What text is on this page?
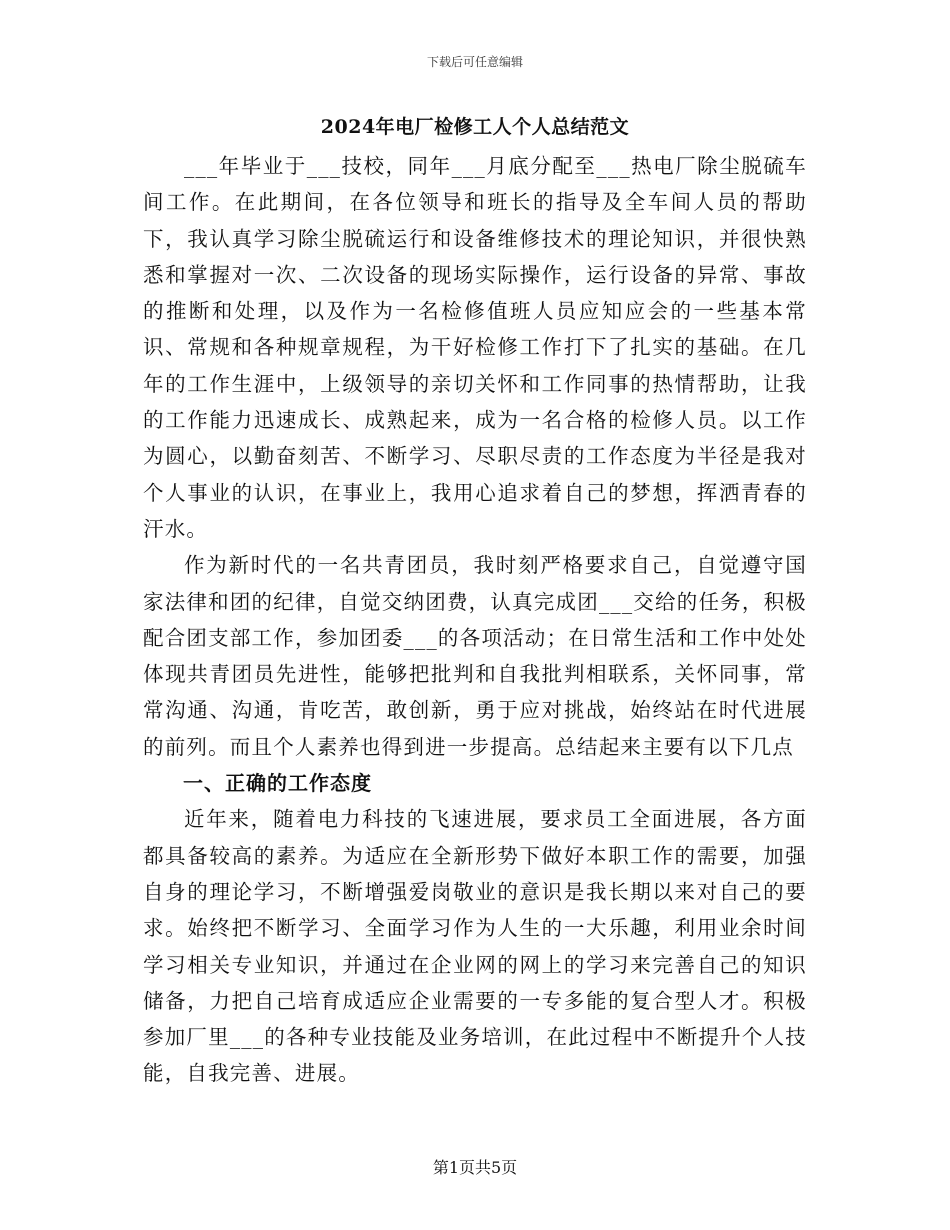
下载后可任意编辑
2024年电厂检修工人个人总结范文

___年毕业于___技校，同年___月底分配至___热电厂除尘脱硫车间工作。在此期间，在各位领导和班长的指导及全车间人员的帮助下，我认真学习除尘脱硫运行和设备维修技术的理论知识，并很快熟悉和掌握对一次、二次设备的现场实际操作，运行设备的异常、事故的推断和处理，以及作为一名检修值班人员应知应会的一些基本常识、常规和各种规章规程，为干好检修工作打下了扎实的基础。在几年的工作生涯中，上级领导的亲切关怀和工作同事的热情帮助，让我的工作能力迅速成长、成熟起来，成为一名合格的检修人员。以工作为圆心，以勤奋刻苦、不断学习、尽职尽责的工作态度为半径是我对个人事业的认识，在事业上，我用心追求着自己的梦想，挥洒青春的汗水。

作为新时代的一名共青团员，我时刻严格要求自己，自觉遵守国家法律和团的纪律，自觉交纳团费，认真完成团___交给的任务，积极配合团支部工作，参加团委___的各项活动；在日常生活和工作中处处体现共青团员先进性，能够把批判和自我批判相联系，关怀同事，常常沟通、沟通，肯吃苦，敢创新，勇于应对挑战，始终站在时代进展的前列。而且个人素养也得到进一步提高。总结起来主要有以下几点

一、正确的工作态度

近年来，随着电力科技的飞速进展，要求员工全面进展，各方面都具备较高的素养。为适应在全新形势下做好本职工作的需要，加强自身的理论学习，不断增强爱岗敬业的意识是我长期以来对自己的要求。始终把不断学习、全面学习作为人生的一大乐趣，利用业余时间学习相关专业知识，并通过在企业网的网上的学习来完善自己的知识储备，力把自己培育成适应企业需要的一专多能的复合型人才。积极参加厂里___的各种专业技能及业务培训，在此过程中不断提升个人技能，自我完善、进展。

第1页共5页
